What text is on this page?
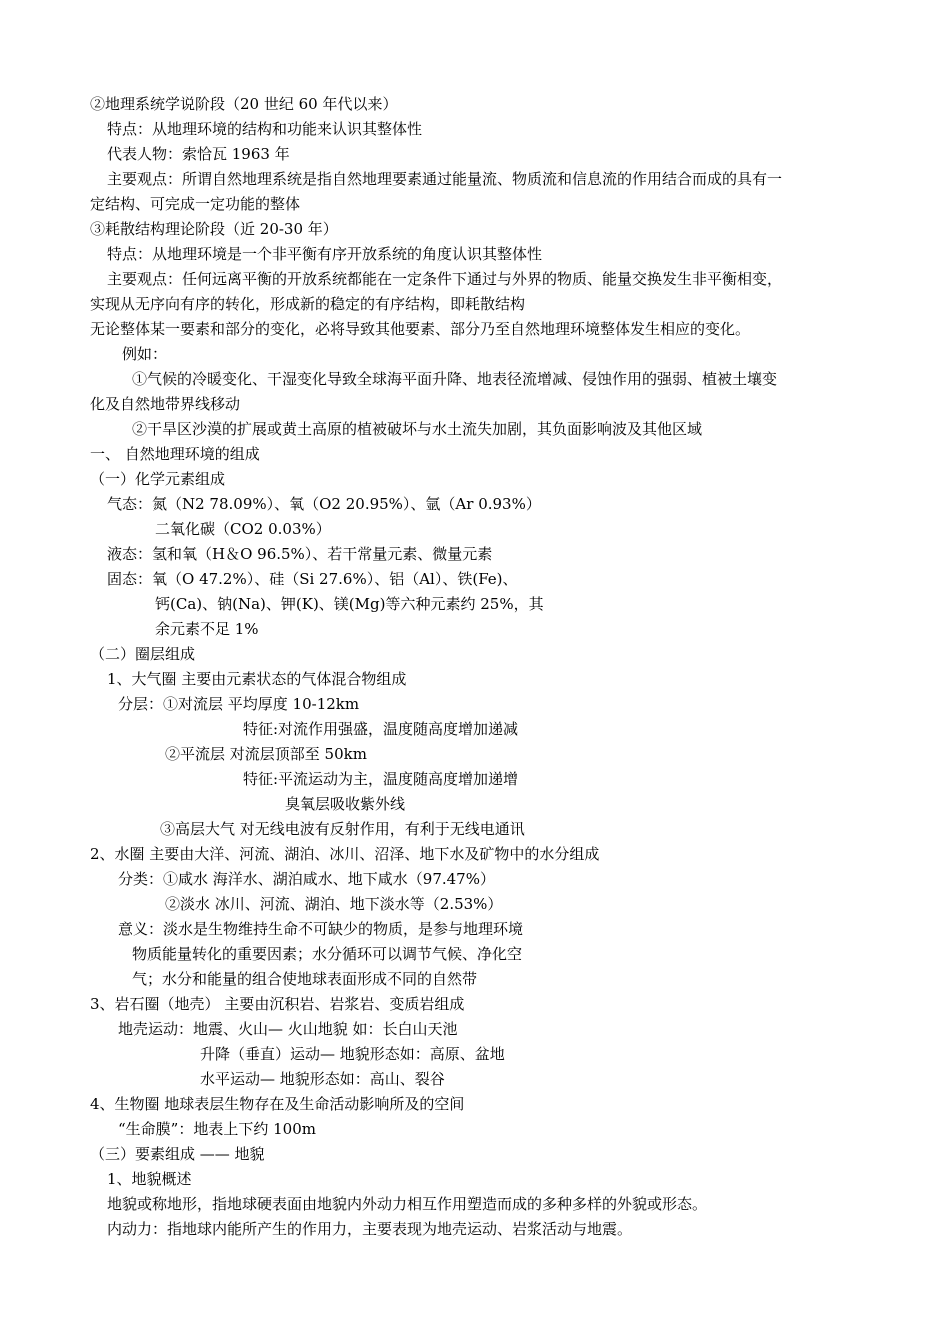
②地理系统学说阶段（20 世纪 60 年代以来）
特点：从地理环境的结构和功能来认识其整体性
代表人物：索恰瓦 1963 年
主要观点：所谓自然地理系统是指自然地理要素通过能量流、物质流和信息流的作用结合而成的具有一
定结构、可完成一定功能的整体
③耗散结构理论阶段（近 20-30 年）
特点：从地理环境是一个非平衡有序开放系统的角度认识其整体性
主要观点：任何远离平衡的开放系统都能在一定条件下通过与外界的物质、能量交换发生非平衡相变，
实现从无序向有序的转化，形成新的稳定的有序结构，即耗散结构
无论整体某一要素和部分的变化，必将导致其他要素、部分乃至自然地理环境整体发生相应的变化。
例如：
①气候的冷暖变化、干湿变化导致全球海平面升降、地表径流增减、侵蚀作用的强弱、植被土壤变
化及自然地带界线移动
②干旱区沙漠的扩展或黄土高原的植被破坏与水土流失加剧，其负面影响波及其他区域
一、 自然地理环境的组成
（一）化学元素组成
气态：氮（N2 78.09%）、氧（O2 20.95%）、氩（Ar 0.93%）
二氧化碳（CO2 0.03%）
液态：氢和氧（H＆O 96.5%）、若干常量元素、微量元素
固态：氧（O 47.2%）、硅（Si 27.6%）、铝（Al）、铁(Fe)、
钙(Ca)、钠(Na)、钾(K)、镁(Mg)等六种元素约 25%，其
余元素不足 1%
（二）圈层组成
1、大气圈 主要由元素状态的气体混合物组成
分层：①对流层 平均厚度 10-12km
特征:对流作用强盛，温度随高度增加递减
②平流层 对流层顶部至 50km
特征:平流运动为主，温度随高度增加递增
臭氧层吸收紫外线
③高层大气 对无线电波有反射作用，有利于无线电通讯
2、水圈 主要由大洋、河流、湖泊、冰川、沼泽、地下水及矿物中的水分组成
分类：①咸水 海洋水、湖泊咸水、地下咸水（97.47%）
②淡水 冰川、河流、湖泊、地下淡水等（2.53%）
意义：淡水是生物维持生命不可缺少的物质，是参与地理环境
物质能量转化的重要因素；水分循环可以调节气候、净化空
气；水分和能量的组合使地球表面形成不同的自然带
3、岩石圈（地壳） 主要由沉积岩、岩浆岩、变质岩组成
地壳运动：地震、火山— 火山地貌 如：长白山天池
升降（垂直）运动— 地貌形态如：高原、盆地
水平运动— 地貌形态如：高山、裂谷
4、生物圈 地球表层生物存在及生命活动影响所及的空间
“生命膜”：地表上下约 100m
（三）要素组成 —— 地貌
1、地貌概述
地貌或称地形，指地球硬表面由地貌内外动力相互作用塑造而成的多种多样的外貌或形态。
内动力：指地球内能所产生的作用力，主要表现为地壳运动、岩浆活动与地震。
